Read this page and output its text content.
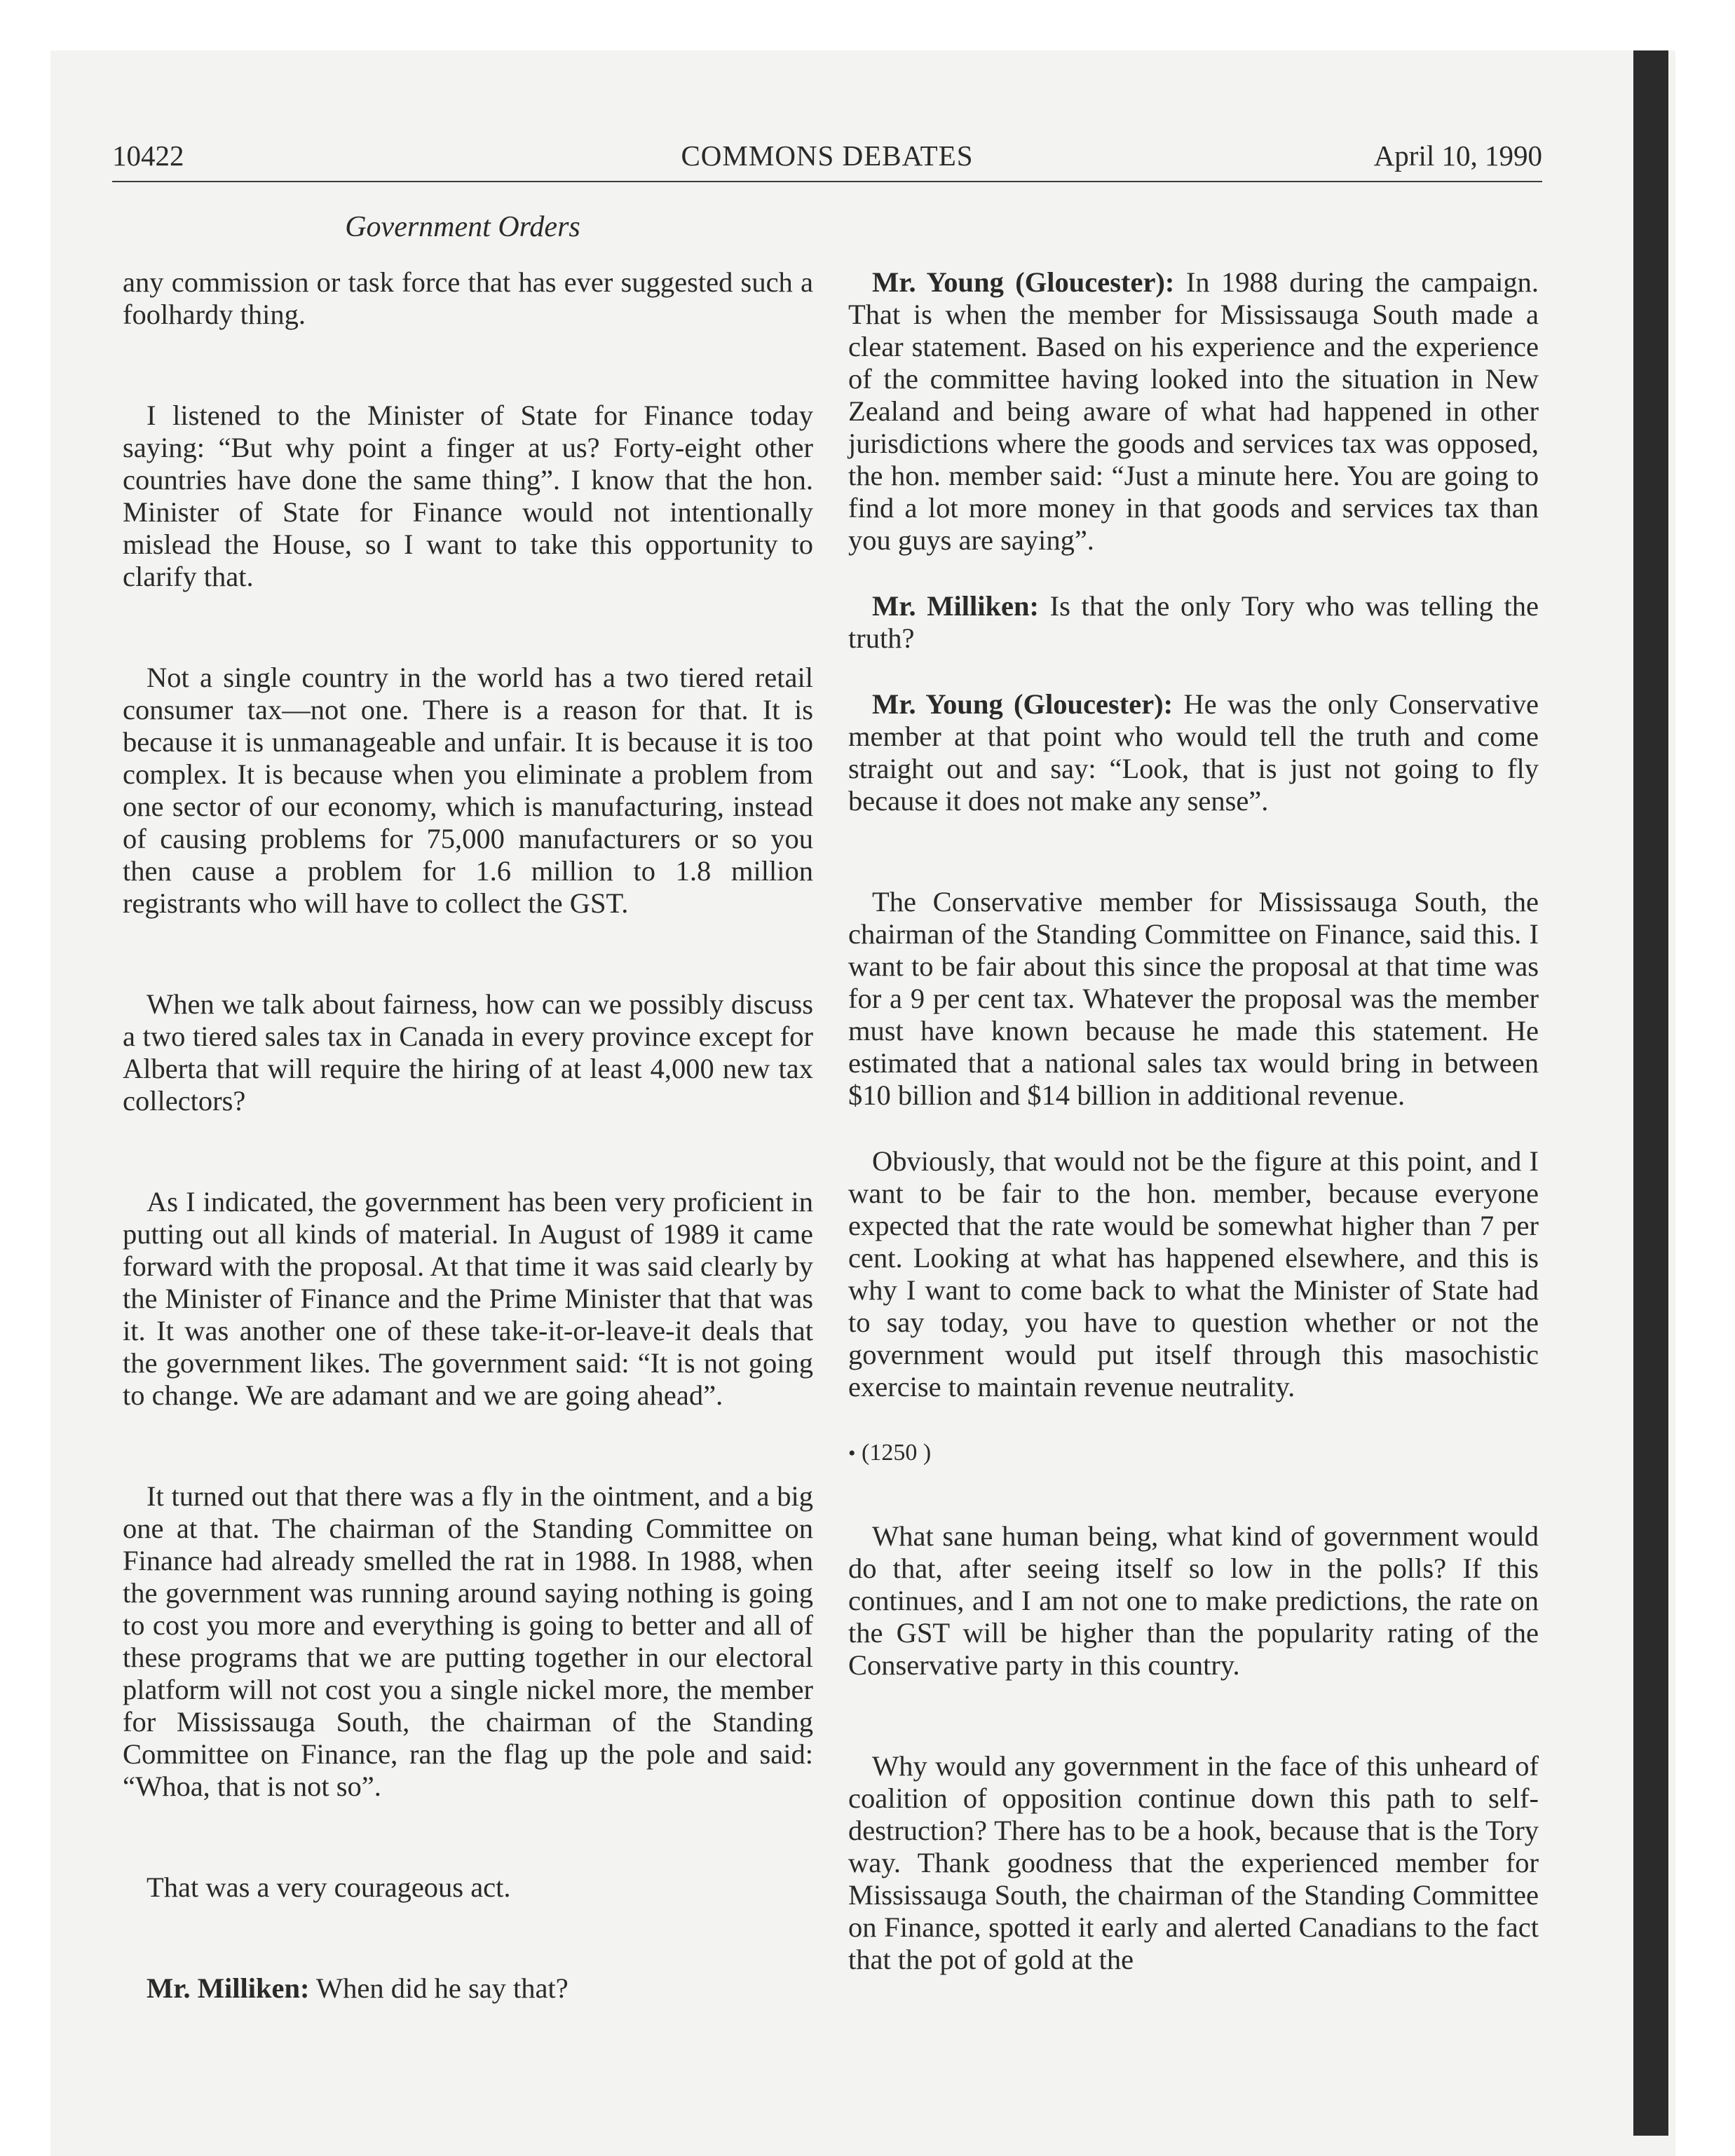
10422	COMMONS DEBATES	April 10, 1990
Government Orders

any commission or task force that has ever suggested such a foolhardy thing.

I listened to the Minister of State for Finance today saying: “But why point a finger at us? Forty-eight other countries have done the same thing”. I know that the hon. Minister of State for Finance would not intentionally mislead the House, so I want to take this opportunity to clarify that.

Not a single country in the world has a two tiered retail consumer tax—not one. There is a reason for that. It is because it is unmanageable and unfair. It is because it is too complex. It is because when you eliminate a problem from one sector of our economy, which is manufacturing, instead of causing problems for 75,000 manufacturers or so you then cause a problem for 1.6 million to 1.8 million registrants who will have to collect the GST.

When we talk about fairness, how can we possibly discuss a two tiered sales tax in Canada in every province except for Alberta that will require the hiring of at least 4,000 new tax collectors?

As I indicated, the government has been very proficient in putting out all kinds of material. In August of 1989 it came forward with the proposal. At that time it was said clearly by the Minister of Finance and the Prime Minister that that was it. It was another one of these take-it-or-leave-it deals that the government likes. The government said: “It is not going to change. We are adamant and we are going ahead”.

It turned out that there was a fly in the ointment, and a big one at that. The chairman of the Standing Committee on Finance had already smelled the rat in 1988. In 1988, when the government was running around saying nothing is going to cost you more and everything is going to better and all of these programs that we are putting together in our electoral platform will not cost you a single nickel more, the member for Mississauga South, the chairman of the Standing Committee on Finance, ran the flag up the pole and said: “Whoa, that is not so”.

That was a very courageous act.

Mr. Milliken: When did he say that?

Mr. Young (Gloucester): In 1988 during the campaign. That is when the member for Mississauga South made a clear statement. Based on his experience and the experience of the committee having looked into the situation in New Zealand and being aware of what had happened in other jurisdictions where the goods and services tax was opposed, the hon. member said: “Just a minute here. You are going to find a lot more money in that goods and services tax than you guys are saying”.

Mr. Milliken: Is that the only Tory who was telling the truth?

Mr. Young (Gloucester): He was the only Conservative member at that point who would tell the truth and come straight out and say: “Look, that is just not going to fly because it does not make any sense”.

The Conservative member for Mississauga South, the chairman of the Standing Committee on Finance, said this. I want to be fair about this since the proposal at that time was for a 9 per cent tax. Whatever the proposal was the member must have known because he made this statement. He estimated that a national sales tax would bring in between $10 billion and $14 billion in additional revenue.

Obviously, that would not be the figure at this point, and I want to be fair to the hon. member, because everyone expected that the rate would be somewhat higher than 7 per cent. Looking at what has happened elsewhere, and this is why I want to come back to what the Minister of State had to say today, you have to question whether or not the government would put itself through this masochistic exercise to maintain revenue neutrality.

• (1250 )

What sane human being, what kind of government would do that, after seeing itself so low in the polls? If this continues, and I am not one to make predictions, the rate on the GST will be higher than the popularity rating of the Conservative party in this country.

Why would any government in the face of this unheard of coalition of opposition continue down this path to self-destruction? There has to be a hook, because that is the Tory way. Thank goodness that the experienced member for Mississauga South, the chairman of the Standing Committee on Finance, spotted it early and alerted Canadians to the fact that the pot of gold at the
